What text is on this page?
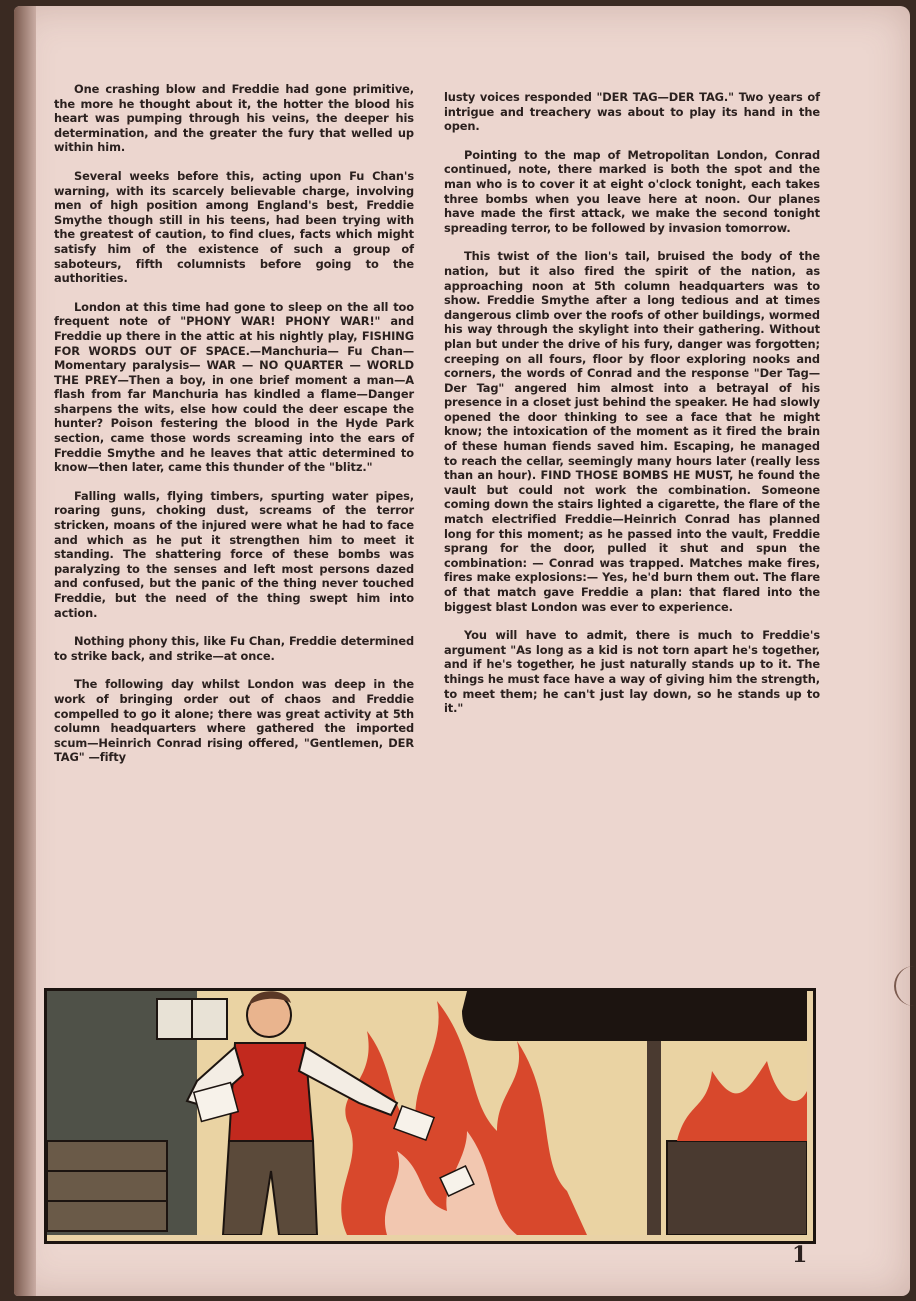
One crashing blow and Freddie had gone primitive, the more he thought about it, the hotter the blood his heart was pumping through his veins, the deeper his determination, and the greater the fury that welled up within him.

Several weeks before this, acting upon Fu Chan's warning, with its scarcely believable charge, involving men of high position among England's best, Freddie Smythe though still in his teens, had been trying with the greatest of caution, to find clues, facts which might satisfy him of the existence of such a group of saboteurs, fifth columnists before going to the authorities.

London at this time had gone to sleep on the all too frequent note of "PHONY WAR! PHONY WAR!" and Freddie up there in the attic at his nightly play, FISHING FOR WORDS OUT OF SPACE.—Manchuria— Fu Chan— Momentary paralysis— WAR — NO QUARTER — WORLD THE PREY—Then a boy, in one brief moment a man—A flash from far Manchuria has kindled a flame—Danger sharpens the wits, else how could the deer escape the hunter? Poison festering the blood in the Hyde Park section, came those words screaming into the ears of Freddie Smythe and he leaves that attic determined to know—then later, came this thunder of the "blitz."

Falling walls, flying timbers, spurting water pipes, roaring guns, choking dust, screams of the terror stricken, moans of the injured were what he had to face and which as he put it strengthen him to meet it standing. The shattering force of these bombs was paralyzing to the senses and left most persons dazed and confused, but the panic of the thing never touched Freddie, but the need of the thing swept him into action.

Nothing phony this, like Fu Chan, Freddie determined to strike back, and strike—at once.

The following day whilst London was deep in the work of bringing order out of chaos and Freddie compelled to go it alone; there was great activity at 5th column headquarters where gathered the imported scum—Heinrich Conrad rising offered, "Gentlemen, DER TAG" —fifty

lusty voices responded "DER TAG—DER TAG." Two years of intrigue and treachery was about to play its hand in the open.

Pointing to the map of Metropolitan London, Conrad continued, note, there marked is both the spot and the man who is to cover it at eight o'clock tonight, each takes three bombs when you leave here at noon. Our planes have made the first attack, we make the second tonight spreading terror, to be followed by invasion tomorrow.

This twist of the lion's tail, bruised the body of the nation, but it also fired the spirit of the nation, as approaching noon at 5th column headquarters was to show. Freddie Smythe after a long tedious and at times dangerous climb over the roofs of other buildings, wormed his way through the skylight into their gathering. Without plan but under the drive of his fury, danger was forgotten; creeping on all fours, floor by floor exploring nooks and corners, the words of Conrad and the response "Der Tag—Der Tag" angered him almost into a betrayal of his presence in a closet just behind the speaker. He had slowly opened the door thinking to see a face that he might know; the intoxication of the moment as it fired the brain of these human fiends saved him. Escaping, he managed to reach the cellar, seemingly many hours later (really less than an hour). FIND THOSE BOMBS HE MUST, he found the vault but could not work the combination. Someone coming down the stairs lighted a cigarette, the flare of the match electrified Freddie—Heinrich Conrad has planned long for this moment; as he passed into the vault, Freddie sprang for the door, pulled it shut and spun the combination: — Conrad was trapped. Matches make fires, fires make explosions:— Yes, he'd burn them out. The flare of that match gave Freddie a plan: that flared into the biggest blast London was ever to experience.

You will have to admit, there is much to Freddie's argument "As long as a kid is not torn apart he's together, and if he's together, he just naturally stands up to it. The things he must face have a way of giving him the strength, to meet them; he can't just lay down, so he stands up to it."

1
